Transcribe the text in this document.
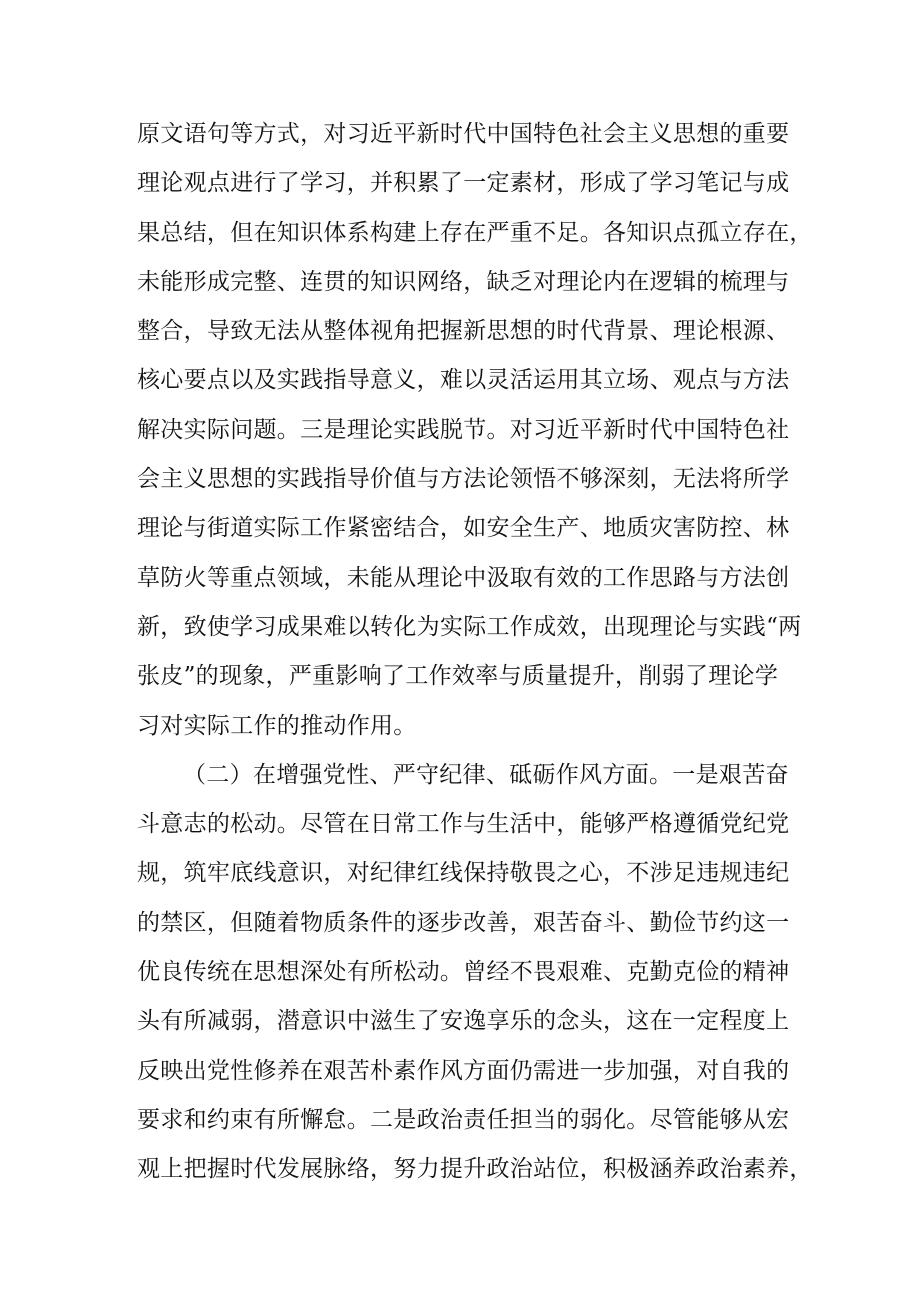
原文语句等方式，对习近平新时代中国特色社会主义思想的重要
理论观点进行了学习，并积累了一定素材，形成了学习笔记与成
果总结，但在知识体系构建上存在严重不足。各知识点孤立存在，
未能形成完整、连贯的知识网络，缺乏对理论内在逻辑的梳理与
整合，导致无法从整体视角把握新思想的时代背景、理论根源、
核心要点以及实践指导意义，难以灵活运用其立场、观点与方法
解决实际问题。三是理论实践脱节。对习近平新时代中国特色社
会主义思想的实践指导价值与方法论领悟不够深刻，无法将所学
理论与街道实际工作紧密结合，如安全生产、地质灾害防控、林
草防火等重点领域，未能从理论中汲取有效的工作思路与方法创
新，致使学习成果难以转化为实际工作成效，出现理论与实践“两
张皮”的现象，严重影响了工作效率与质量提升，削弱了理论学
习对实际工作的推动作用。
（二）在增强党性、严守纪律、砥砺作风方面。一是艰苦奋
斗意志的松动。尽管在日常工作与生活中，能够严格遵循党纪党
规，筑牢底线意识，对纪律红线保持敬畏之心，不涉足违规违纪
的禁区，但随着物质条件的逐步改善，艰苦奋斗、勤俭节约这一
优良传统在思想深处有所松动。曾经不畏艰难、克勤克俭的精神
头有所减弱，潜意识中滋生了安逸享乐的念头，这在一定程度上
反映出党性修养在艰苦朴素作风方面仍需进一步加强，对自我的
要求和约束有所懈怠。二是政治责任担当的弱化。尽管能够从宏
观上把握时代发展脉络，努力提升政治站位，积极涵养政治素养，
